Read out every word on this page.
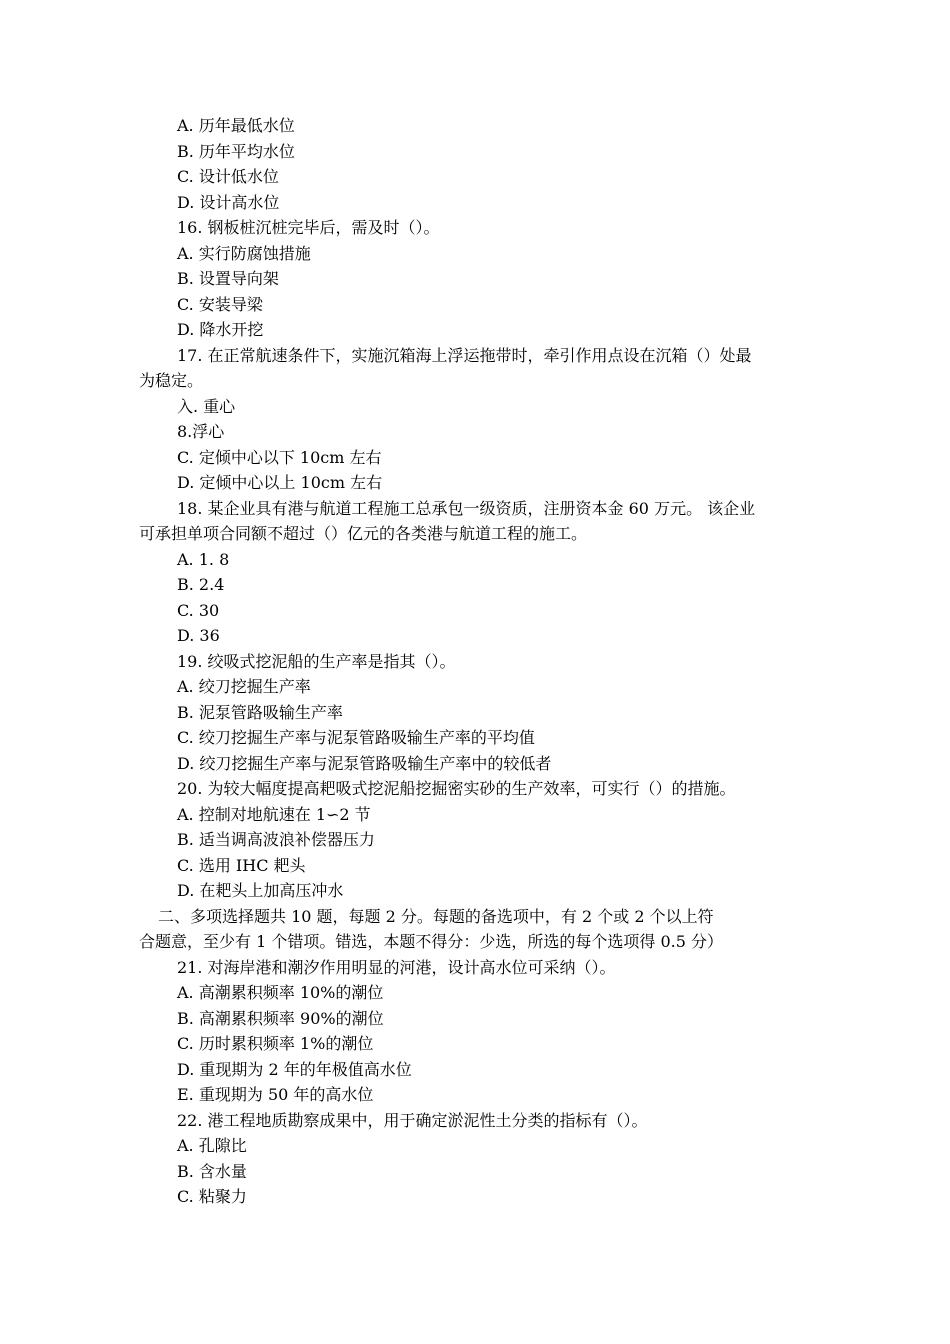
A. 历年最低水位
B. 历年平均水位
C. 设计低水位
D. 设计高水位
16. 钢板桩沉桩完毕后，需及时（）。
A. 实行防腐蚀措施
B. 设置导向架
C. 安装导梁
D. 降水开挖
17. 在正常航速条件下，实施沉箱海上浮运拖带时，牵引作用点设在沉箱（）处最
为稳定。
入. 重心
8.浮心
C. 定倾中心以下 10cm 左右
D. 定倾中心以上 10cm 左右
18. 某企业具有港与航道工程施工总承包一级资质，注册资本金 60 万元。 该企业
可承担单项合同额不超过（）亿元的各类港与航道工程的施工。
A. 1. 8
B. 2.4
C. 30
D. 36
19. 绞吸式挖泥船的生产率是指其（）。
A. 绞刀挖掘生产率
B. 泥泵管路吸输生产率
C. 绞刀挖掘生产率与泥泵管路吸输生产率的平均值
D. 绞刀挖掘生产率与泥泵管路吸输生产率中的较低者
20. 为较大幅度提高耙吸式挖泥船挖掘密实砂的生产效率，可实行（）的措施。
A. 控制对地航速在 1∽2 节
B. 适当调高波浪补偿器压力
C. 选用 IHC 耙头
D. 在耙头上加高压冲水
二、多项选择题共 10 题，每题 2 分。每题的备选项中，有 2 个或 2 个以上符
合题意，至少有 1 个错项。错选，本题不得分：少选，所选的每个选项得 0.5 分）
21. 对海岸港和潮汐作用明显的河港，设计高水位可采纳（）。
A. 高潮累积频率 10%的潮位
B. 高潮累积频率 90%的潮位
C. 历时累积频率 1%的潮位
D. 重现期为 2 年的年极值高水位
E. 重现期为 50 年的高水位
22. 港工程地质勘察成果中，用于确定淤泥性土分类的指标有（）。
A. 孔隙比
B. 含水量
C. 粘聚力
